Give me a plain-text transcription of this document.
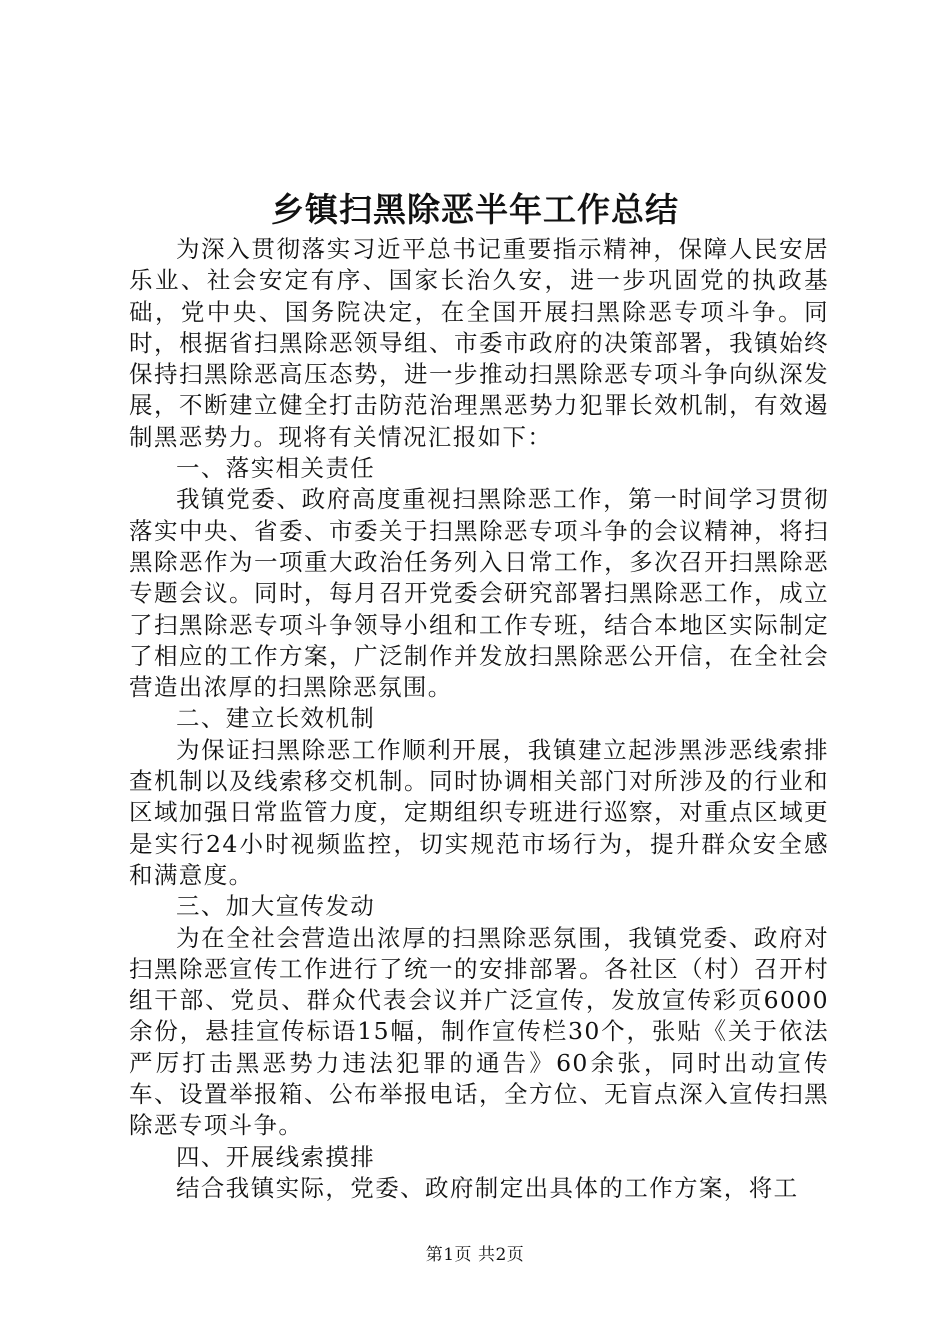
乡镇扫黑除恶半年工作总结

为深入贯彻落实习近平总书记重要指示精神，保障人民安居乐业、社会安定有序、国家长治久安，进一步巩固党的执政基础，党中央、国务院决定，在全国开展扫黑除恶专项斗争。同时，根据省扫黑除恶领导组、市委市政府的决策部署，我镇始终保持扫黑除恶高压态势，进一步推动扫黑除恶专项斗争向纵深发展，不断建立健全打击防范治理黑恶势力犯罪长效机制，有效遏制黑恶势力。现将有关情况汇报如下：

一、落实相关责任

我镇党委、政府高度重视扫黑除恶工作，第一时间学习贯彻落实中央、省委、市委关于扫黑除恶专项斗争的会议精神，将扫黑除恶作为一项重大政治任务列入日常工作，多次召开扫黑除恶专题会议。同时，每月召开党委会研究部署扫黑除恶工作，成立了扫黑除恶专项斗争领导小组和工作专班，结合本地区实际制定了相应的工作方案，广泛制作并发放扫黑除恶公开信，在全社会营造出浓厚的扫黑除恶氛围。

二、建立长效机制

为保证扫黑除恶工作顺利开展，我镇建立起涉黑涉恶线索排查机制以及线索移交机制。同时协调相关部门对所涉及的行业和区域加强日常监管力度，定期组织专班进行巡察，对重点区域更是实行24小时视频监控，切实规范市场行为，提升群众安全感和满意度。

三、加大宣传发动

为在全社会营造出浓厚的扫黑除恶氛围，我镇党委、政府对扫黑除恶宣传工作进行了统一的安排部署。各社区（村）召开村组干部、党员、群众代表会议并广泛宣传，发放宣传彩页6000余份，悬挂宣传标语15幅，制作宣传栏30个，张贴《关于依法严厉打击黑恶势力违法犯罪的通告》60余张，同时出动宣传车、设置举报箱、公布举报电话，全方位、无盲点深入宣传扫黑除恶专项斗争。

四、开展线索摸排

结合我镇实际，党委、政府制定出具体的工作方案，将工

第1页 共2页
